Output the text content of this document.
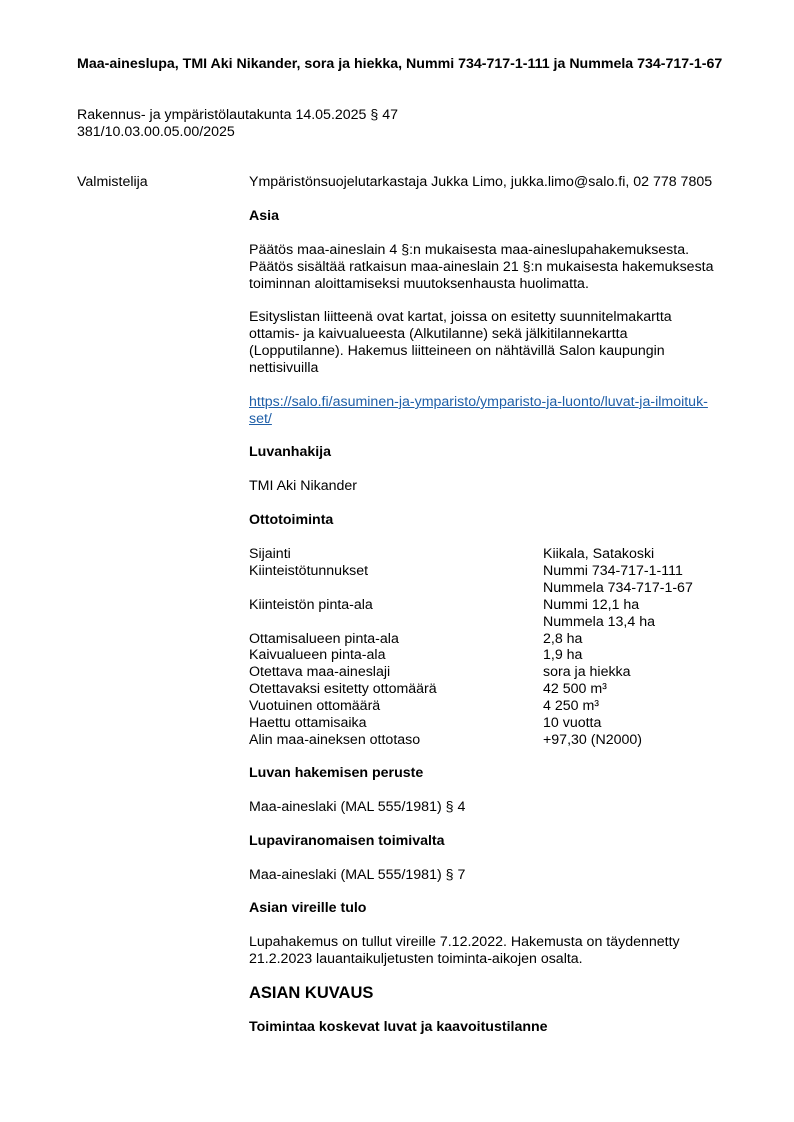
Maa-aineslupa, TMI Aki Nikander, sora ja hiekka, Nummi 734-717-1-111 ja Nummela 734-717-1-67
Rakennus- ja ympäristölautakunta 14.05.2025 § 47
381/10.03.00.05.00/2025
Valmistelija	Ympäristönsuojelutarkastaja Jukka Limo, jukka.limo@salo.fi, 02 778 7805
Asia
Päätös maa-aineslain 4 §:n mukaisesta maa-aineslupahakemuksesta.
Päätös sisältää ratkaisun maa-aineslain 21 §:n mukaisesta hakemuksesta
toiminnan aloittamiseksi muutoksenhausta huolimatta.
Esityslistan liitteenä ovat kartat, joissa on esitetty suunnitelmakartta
ottamis- ja kaivualueesta (Alkutilanne) sekä jälkitilannekartta
(Lopputilanne). Hakemus liitteineen on nähtävillä Salon kaupungin
nettisivuilla
https://salo.fi/asuminen-ja-ymparisto/ymparisto-ja-luonto/luvat-ja-ilmoituk-
set/
Luvanhakija
TMI Aki Nikander
Ottotoiminta
Sijainti	Kiikala, Satakoski
Kiinteistötunnukset	Nummi 734-717-1-111
Nummela 734-717-1-67
Kiinteistön pinta-ala	Nummi 12,1 ha
Nummela 13,4 ha
Ottamisalueen pinta-ala	2,8 ha
Kaivualueen pinta-ala	1,9 ha
Otettava maa-aineslaji	sora ja hiekka
Otettavaksi esitetty ottomäärä	42 500 m³
Vuotuinen ottomäärä	4 250 m³
Haettu ottamisaika	10 vuotta
Alin maa-aineksen ottotaso	+97,30 (N2000)
Luvan hakemisen peruste
Maa-aineslaki (MAL 555/1981) § 4
Lupaviranomaisen toimivalta
Maa-aineslaki (MAL 555/1981) § 7
Asian vireille tulo
Lupahakemus on tullut vireille 7.12.2022. Hakemusta on täydennetty
21.2.2023 lauantaikuljetusten toiminta-aikojen osalta.
ASIAN KUVAUS
Toimintaa koskevat luvat ja kaavoitustilanne
